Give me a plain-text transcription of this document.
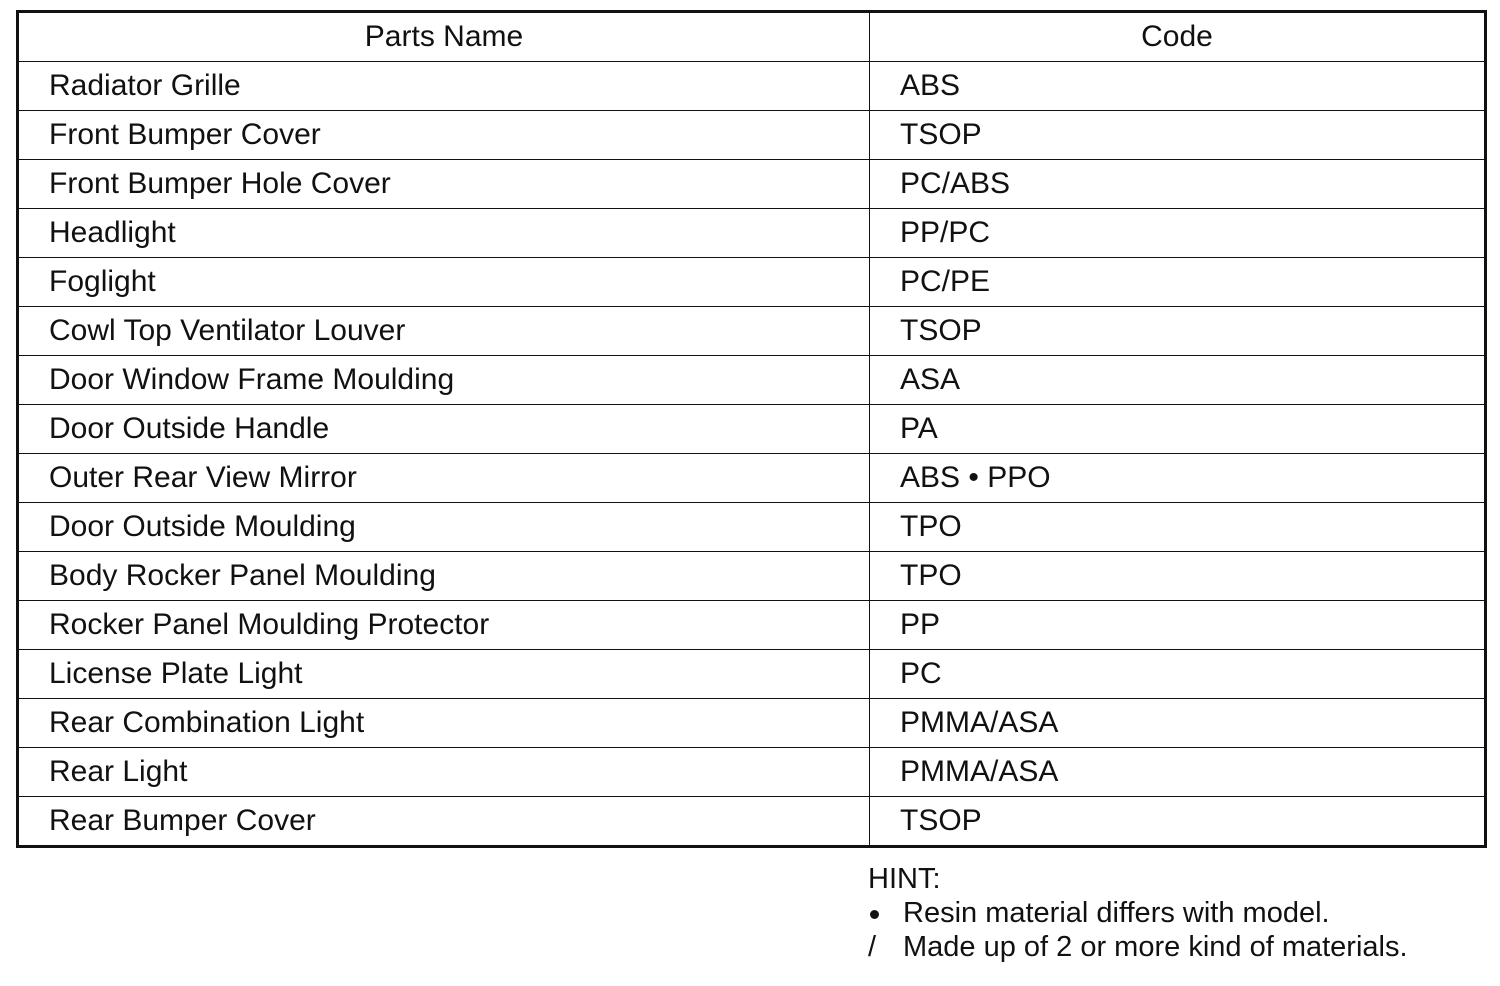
Parts Name	Code
Radiator Grille	ABS
Front Bumper Cover	TSOP
Front Bumper Hole Cover	PC/ABS
Headlight	PP/PC
Foglight	PC/PE
Cowl Top Ventilator Louver	TSOP
Door Window Frame Moulding	ASA
Door Outside Handle	PA
Outer Rear View Mirror	ABS • PPO
Door Outside Moulding	TPO
Body Rocker Panel Moulding	TPO
Rocker Panel Moulding Protector	PP
License Plate Light	PC
Rear Combination Light	PMMA/ASA
Rear Light	PMMA/ASA
Rear Bumper Cover	TSOP
HINT:
Resin material differs with model.
/ Made up of 2 or more kind of materials.
